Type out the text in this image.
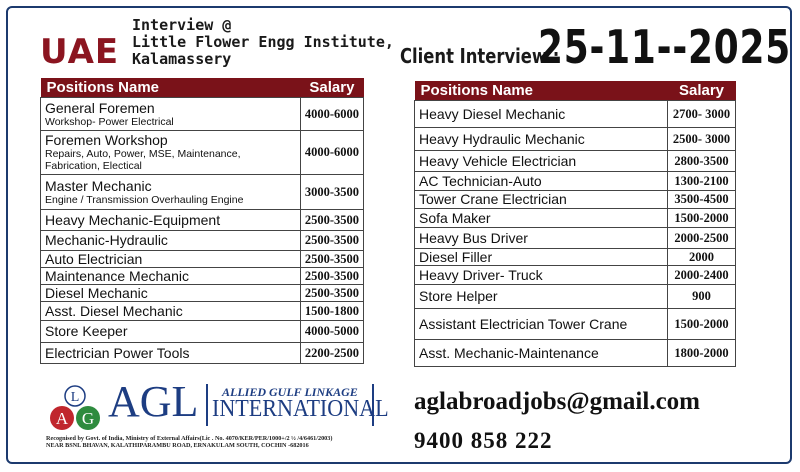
UAE
Interview @
Little Flower Engg Institute,
Kalamassery	Client Interview :
25-11--2025
Positions Name	Salary

General Foremen
Workshop- Power Electrical	4000-6000

Foremen Workshop
Repairs, Auto, Power, MSE, Maintenance, Fabrication, Electical	4000-6000

Master Mechanic
Engine / Transmission Overhauling Engine	3000-3500

Heavy Mechanic-Equipment	2500-3500

Mechanic-Hydraulic	2500-3500

Auto Electrician	2500-3500

Maintenance Mechanic	2500-3500

Diesel Mechanic	2500-3500

Asst. Diesel Mechanic	1500-1800

Store Keeper	4000-5000

Electrician Power Tools	2200-2500
Positions Name	Salary
Heavy Diesel Mechanic	2700- 3000
Heavy Hydraulic Mechanic	2500- 3000
Heavy Vehicle Electrician	2800-3500
AC Technician-Auto	1300-2100
Tower Crane Electrician	3500-4500
Sofa Maker	1500-2000
Heavy Bus Driver	2000-2500
Diesel Filler	2000
Heavy Driver- Truck	2000-2400
Store Helper	900
Assistant Electrician Tower Crane	1500-2000
Asst. Mechanic-Maintenance	1800-2000
L
A G AGL ALLIED GULF LINKAGE
INTERNATIONAL
Recognised by Govt. of India, Ministry of External Affairs(Lic . No. 4070/KER/PER/1000+/2 ½ /4/6461/2003)
NEAR BSNL BHAVAN, KALATHIPARAMBU ROAD, ERNAKULAM SOUTH, COCHIN -682016
aglabroadjobs@gmail.com
9400 858 222
